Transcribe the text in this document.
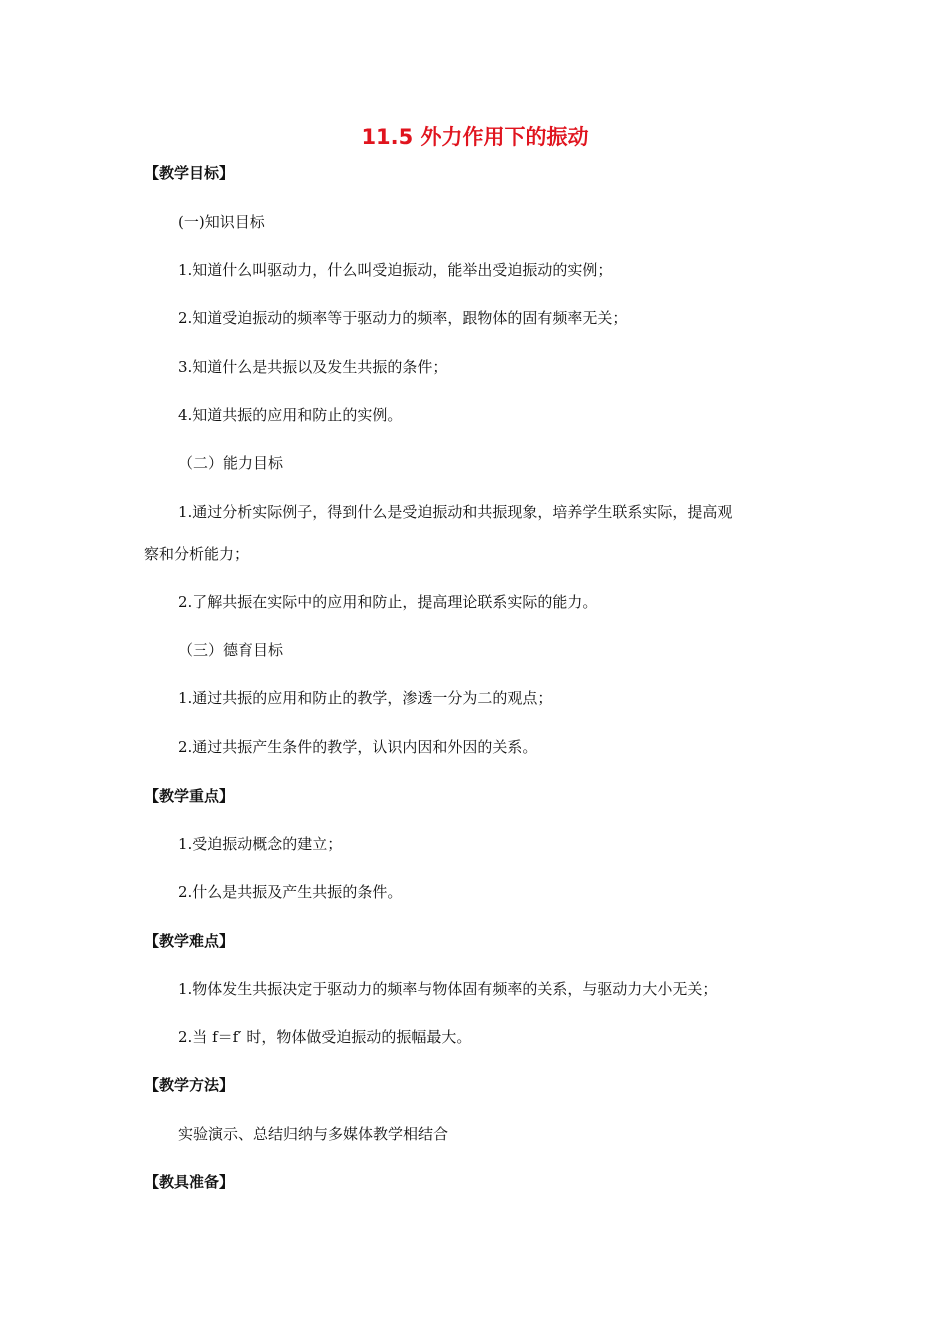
11.5 外力作用下的振动
【教学目标】
(一)知识目标
1.知道什么叫驱动力，什么叫受迫振动，能举出受迫振动的实例；
2.知道受迫振动的频率等于驱动力的频率，跟物体的固有频率无关；
3.知道什么是共振以及发生共振的条件；
4.知道共振的应用和防止的实例。
（二）能力目标
1.通过分析实际例子，得到什么是受迫振动和共振现象，培养学生联系实际，提高观
察和分析能力；
2.了解共振在实际中的应用和防止，提高理论联系实际的能力。
（三）德育目标
1.通过共振的应用和防止的教学，渗透一分为二的观点；
2.通过共振产生条件的教学，认识内因和外因的关系。
【教学重点】
1.受迫振动概念的建立；
2.什么是共振及产生共振的条件。
【教学难点】
1.物体发生共振决定于驱动力的频率与物体固有频率的关系，与驱动力大小无关；
2.当 f＝f′ 时，物体做受迫振动的振幅最大。
【教学方法】
实验演示、总结归纳与多媒体教学相结合
【教具准备】
